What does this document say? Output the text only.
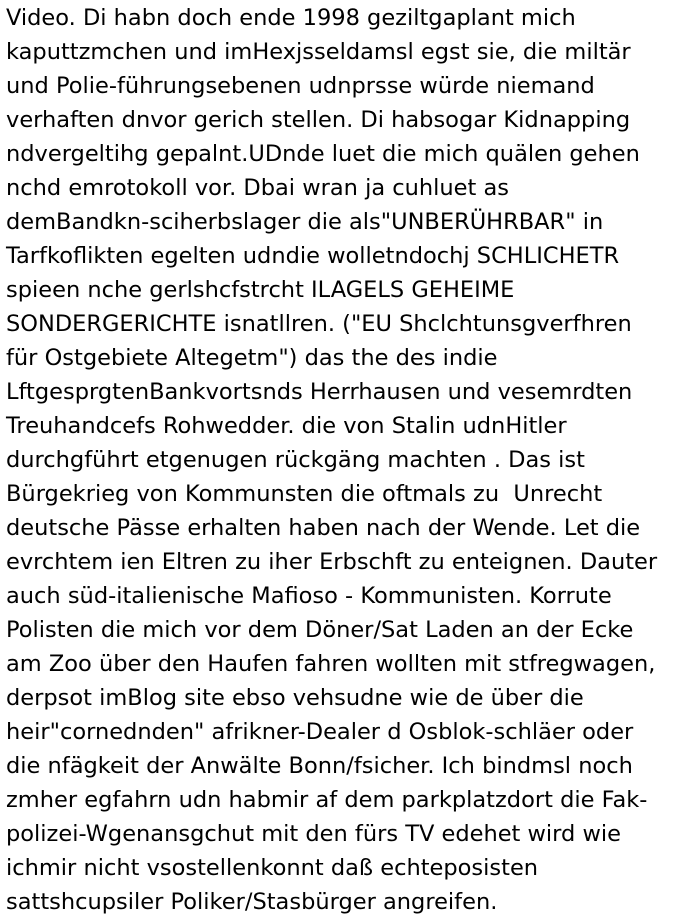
Video. Di habn doch ende 1998 geziltgaplant mich
kaputtzmchen und imHexjsseldamsl egst sie, die miltär
und Polie-führungsebenen udnprsse würde niemand
verhaften dnvor gerich stellen. Di habsogar Kidnapping
ndvergeltihg gepalnt.UDnde luet die mich quälen gehen
nchd emrotokoll vor. Dbai wran ja cuhluet as
demBandkn-sciherbslager die als"UNBERÜHRBAR" in
Tarfkoflikten egelten udndie wolletndochj SCHLICHETR
spieen nche gerlshcfstrcht ILAGELS GEHEIME
SONDERGERICHTE isnatllren. ("EU Shclchtunsgverfhren
für Ostgebiete Altegetm") das the des indie
LftgesprgtenBankvortsnds Herrhausen und vesemrdten
Treuhandcefs Rohwedder. die von Stalin udnHitler
durchgführt etgenugen rückgäng machten . Das ist
Bürgekrieg von Kommunsten die oftmals zu  Unrecht
deutsche Pässe erhalten haben nach der Wende. Let die
evrchtem ien Eltren zu iher Erbschft zu enteignen. Dauter
auch süd-italienische Mafioso - Kommunisten. Korrute
Polisten die mich vor dem Döner/Sat Laden an der Ecke
am Zoo über den Haufen fahren wollten mit stfregwagen,
derpsot imBlog site ebso vehsudne wie de über die
heir"cornednden" afrikner-Dealer d Osblok-schläer oder
die nfägkeit der Anwälte Bonn/fsicher. Ich bindmsl noch
zmher egfahrn udn habmir af dem parkplatzdort die Fak-
polizei-Wgenansgchut mit den fürs TV edehet wird wie
ichmir nicht vsostellenkonnt daß echteposisten
sattshcupsiler Poliker/Stasbürger angreifen.
